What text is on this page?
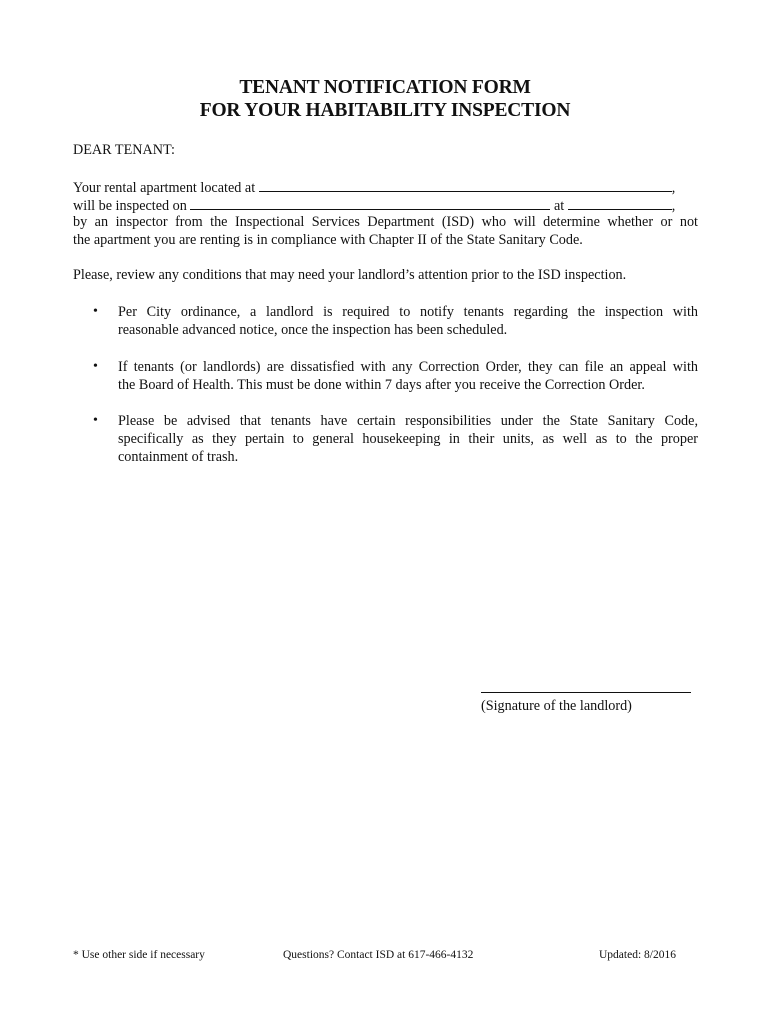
TENANT NOTIFICATION FORM
FOR YOUR HABITABILITY INSPECTION
DEAR TENANT:
Your rental apartment located at	,
will be inspected on	at	,
by an inspector from the Inspectional Services Department (ISD) who will determine whether or not
the apartment you are renting is in compliance with Chapter II of the State Sanitary Code.
Please, review any conditions that may need your landlord’s attention prior to the ISD inspection.
• Per City ordinance, a landlord is required to notify tenants regarding the inspection with
reasonable advanced notice, once the inspection has been scheduled.
• If tenants (or landlords) are dissatisfied with any Correction Order, they can file an appeal with
the Board of Health. This must be done within 7 days after you receive the Correction Order.
• Please be advised that tenants have certain responsibilities under the State Sanitary Code,
specifically as they pertain to general housekeeping in their units, as well as to the proper
containment of trash.
(Signature of the landlord)
* Use other side if necessary	Questions? Contact ISD at 617-466-4132	Updated: 8/2016
